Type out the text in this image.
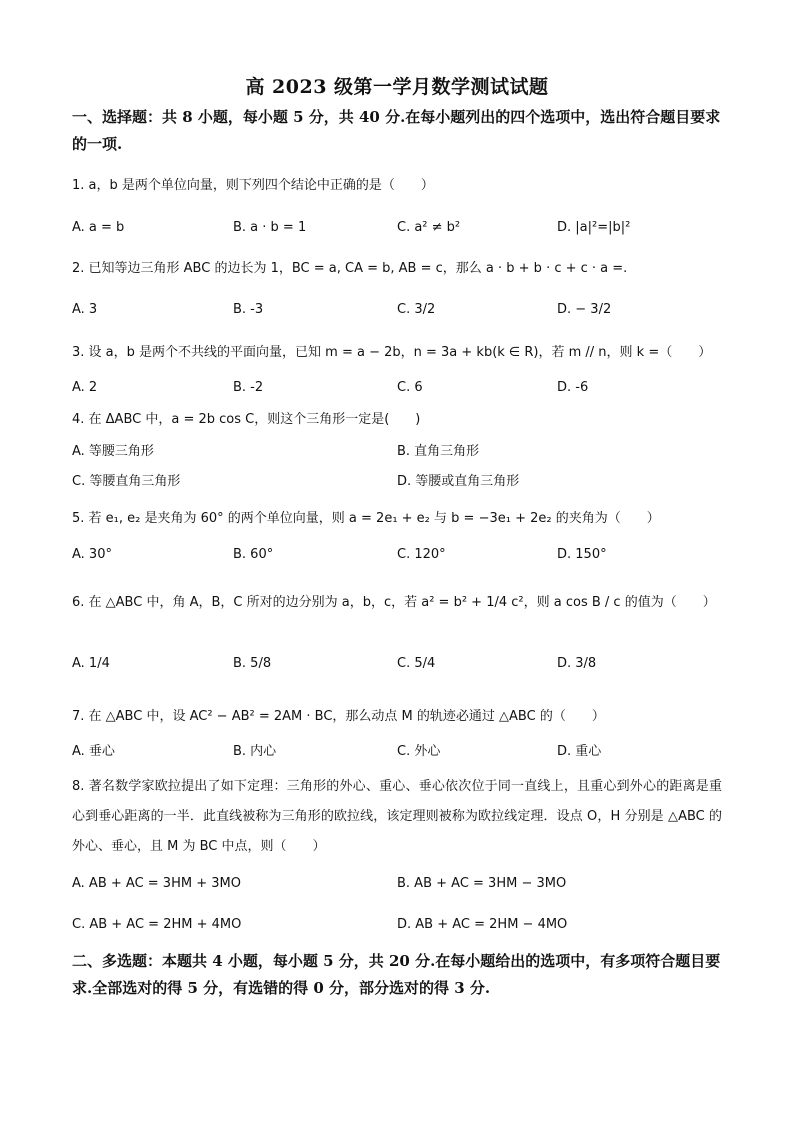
高 2023 级第一学月数学测试试题
一、选择题：共 8 小题，每小题 5 分，共 40 分.在每小题列出的四个选项中，选出符合题目要求的一项.
1. a，b 是两个单位向量，则下列四个结论中正确的是（　　）
A. a = b	B. a · b = 1	C. a² ≠ b²	D. |a|²=|b|²
2. 已知等边三角形 ABC 的边长为 1，BC = a, CA = b, AB = c，那么 a · b + b · c + c · a =.
A. 3	B. -3	C. 3/2	D. − 3/2
3. 设 a，b 是两个不共线的平面向量，已知 m = a − 2b，n = 3a + kb(k ∈ R)，若 m // n，则 k =（　　）
A. 2	B. -2	C. 6	D. -6
4. 在 ΔABC 中，a = 2b cos C，则这个三角形一定是(　　)
A. 等腰三角形	B. 直角三角形
C. 等腰直角三角形	D. 等腰或直角三角形
5. 若 e₁, e₂ 是夹角为 60° 的两个单位向量，则 a = 2e₁ + e₂ 与 b = −3e₁ + 2e₂ 的夹角为（　　）
A. 30°	B. 60°	C. 120°	D. 150°
6. 在 △ABC 中，角 A，B，C 所对的边分别为 a，b，c，若 a² = b² + 1/4 c²，则 a cos B / c 的值为（　　）
A. 1/4	B. 5/8	C. 5/4	D. 3/8
7. 在 △ABC 中，设 AC² − AB² = 2AM · BC，那么动点 M 的轨迹必通过 △ABC 的（　　）
A. 垂心	B. 内心	C. 外心	D. 重心
8. 著名数学家欧拉提出了如下定理：三角形的外心、重心、垂心依次位于同一直线上，且重心到外心的距离是重心到垂心距离的一半．此直线被称为三角形的欧拉线，该定理则被称为欧拉线定理．设点 O，H 分别是 △ABC 的外心、垂心，且 M 为 BC 中点，则（　　）
A. AB + AC = 3HM + 3MO	B. AB + AC = 3HM − 3MO
C. AB + AC = 2HM + 4MO	D. AB + AC = 2HM − 4MO
二、多选题：本题共 4 小题，每小题 5 分，共 20 分.在每小题给出的选项中，有多项符合题目要求.全部选对的得 5 分，有选错的得 0 分，部分选对的得 3 分.
